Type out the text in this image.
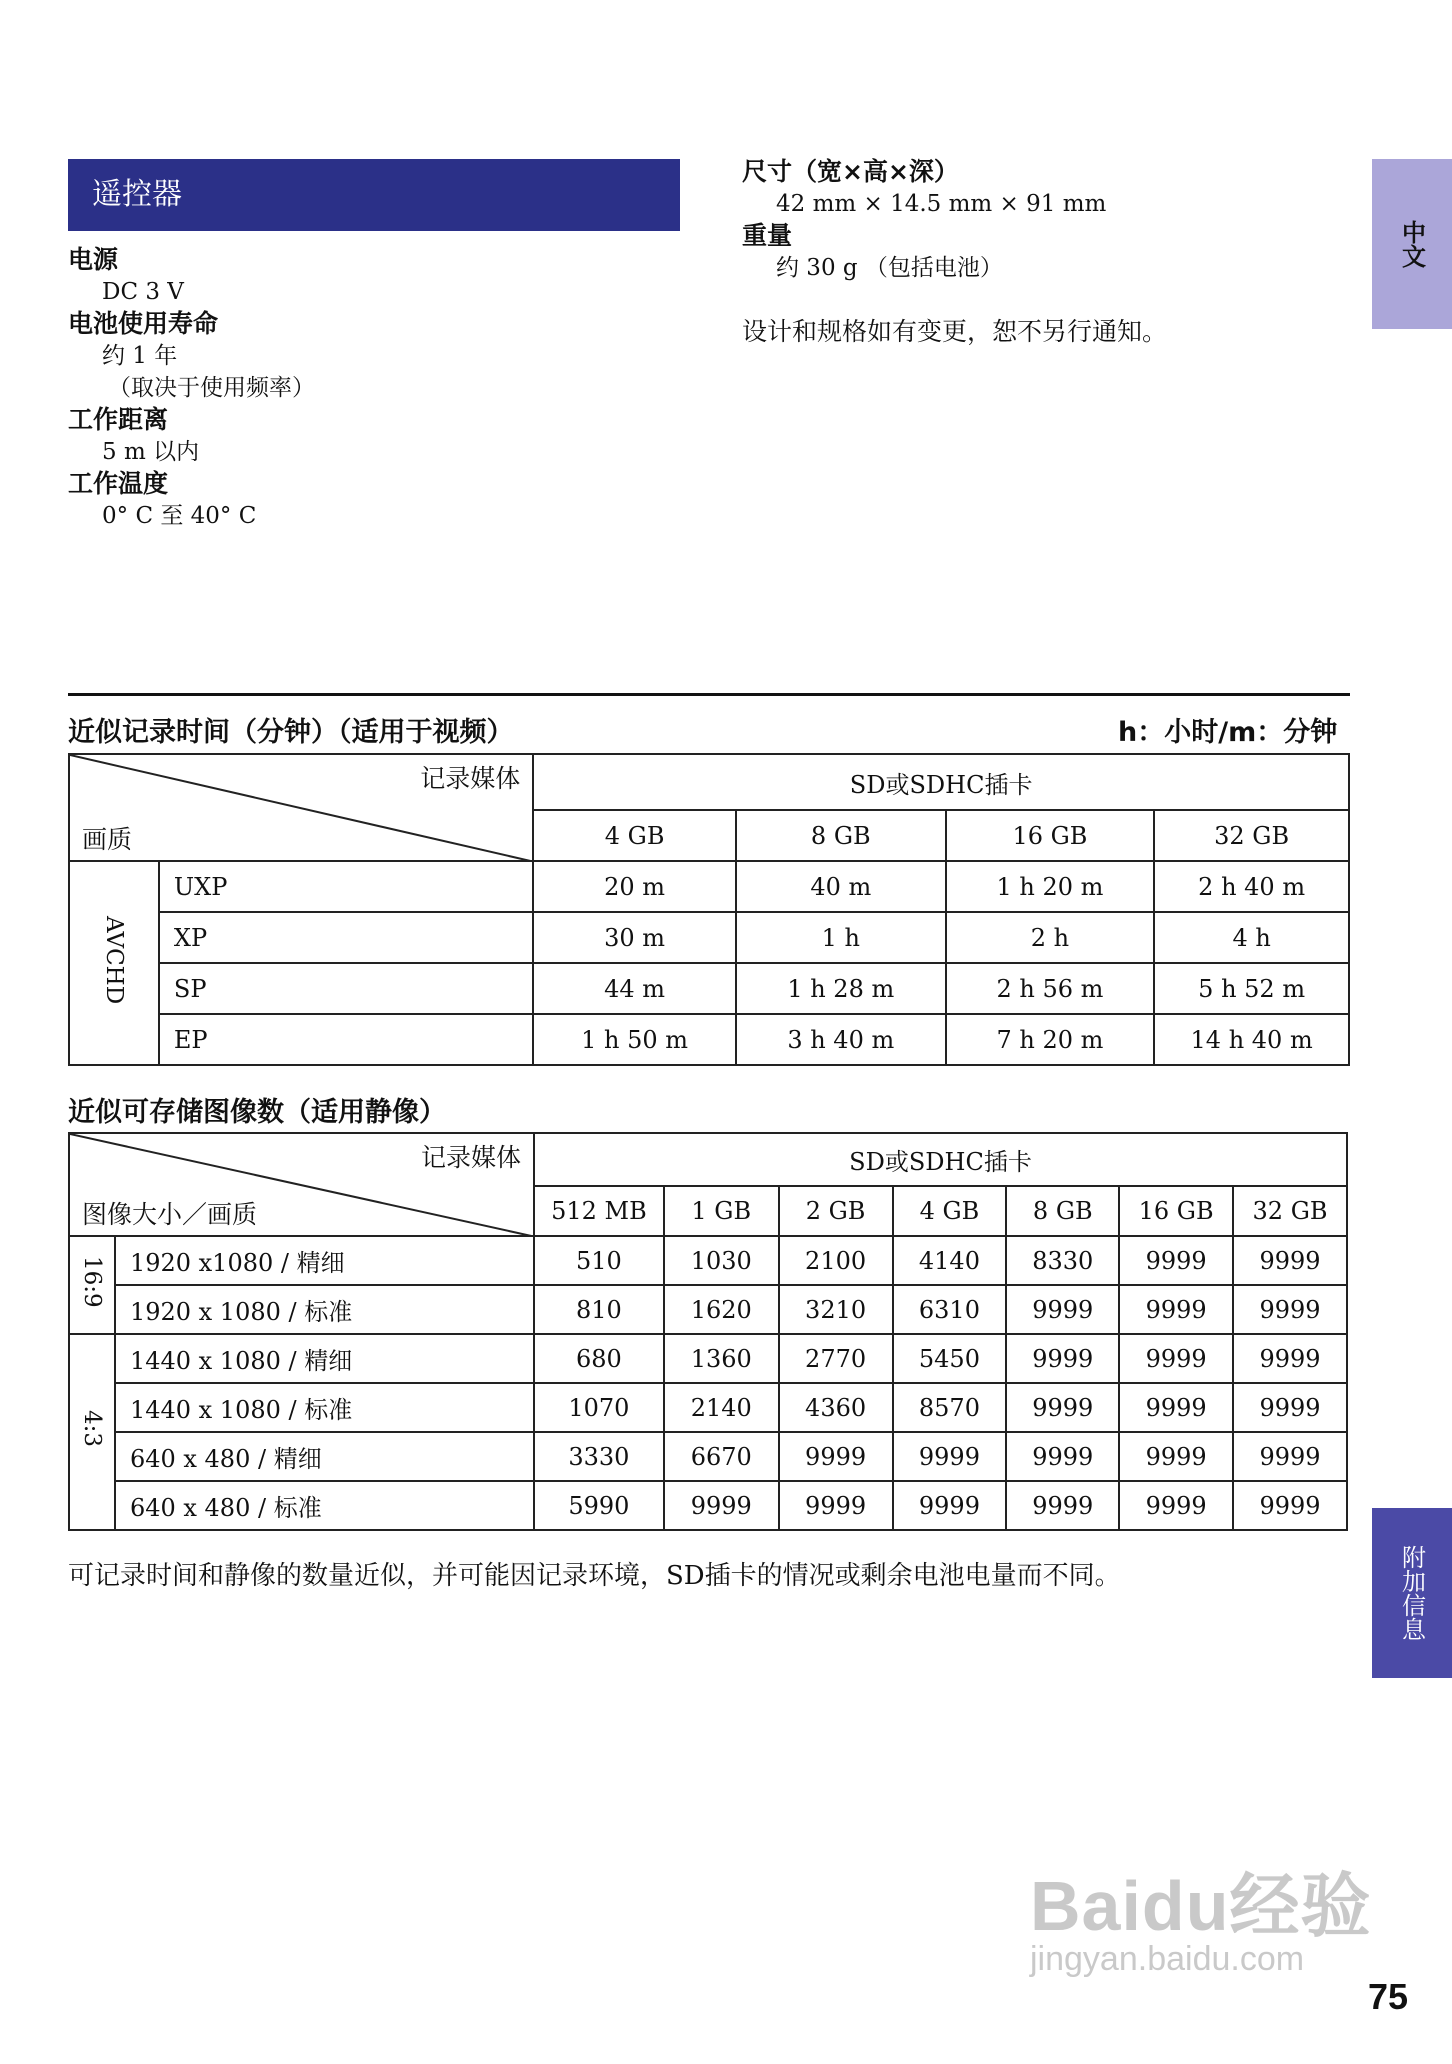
遥控器
电源
DC 3 V
电池使用寿命
约 1 年
（取决于使用频率）
工作距离
5 m 以内
工作温度
0° C 至 40° C
尺寸（宽×高×深）
42 mm × 14.5 mm × 91 mm
重量
约 30 g （包括电池）
设计和规格如有变更，恕不另行通知。
中文
附加信息
近似记录时间（分钟）（适用于视频）	h：小时/m：分钟
记录媒体
画质		SD或SDHC插卡			
		4 GB	8 GB	16 GB	32 GB
AVCHD	UXP	20 m	40 m	1 h 20 m	2 h 40 m
	XP	30 m	1 h	2 h	4 h
	SP	44 m	1 h 28 m	2 h 56 m	5 h 52 m
	EP	1 h 50 m	3 h 40 m	7 h 20 m	14 h 40 m
近似可存储图像数（适用静像）
记录媒体
图像大小／画质		SD或SDHC插卡						
		512 MB	1 GB	2 GB	4 GB	8 GB	16 GB	32 GB
16:9	1920 x1080 / 精细	510	1030	2100	4140	8330	9999	9999
	1920 x 1080 / 标准	810	1620	3210	6310	9999	9999	9999
4:3	1440 x 1080 / 精细	680	1360	2770	5450	9999	9999	9999
	1440 x 1080 / 标准	1070	2140	4360	8570	9999	9999	9999
	640 x 480 / 精细	3330	6670	9999	9999	9999	9999	9999
	640 x 480 / 标准	5990	9999	9999	9999	9999	9999	9999
可记录时间和静像的数量近似，并可能因记录环境，SD插卡的情况或剩余电池电量而不同。
Baidu经验
jingyan.baidu.com
75
